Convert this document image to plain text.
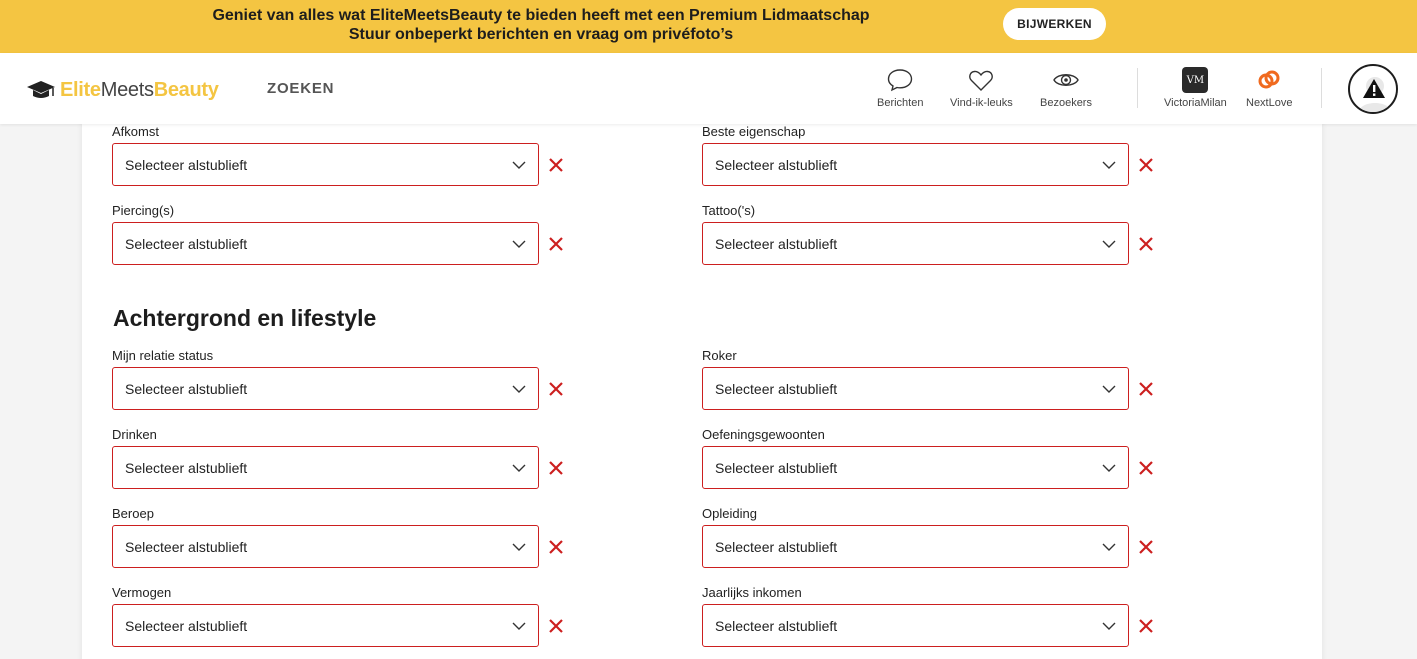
Geniet van alles wat EliteMeetsBeauty te bieden heeft met een Premium Lidmaatschap
Stuur onbeperkt berichten en vraag om privéfoto’s
BIJWERKEN
EliteMeetsBeauty	ZOEKEN
Berichten Vind-ik-leuks Bezoekers
VM
VictoriaMilan NextLove
Achtergrond en lifestyle
Afkomst
Selecteer alstublieft
Beste eigenschap
Selecteer alstublieft
Piercing(s)
Selecteer alstublieft
Tattoo('s)
Selecteer alstublieft
Mijn relatie status
Selecteer alstublieft
Roker
Selecteer alstublieft
Drinken
Selecteer alstublieft
Oefeningsgewoonten
Selecteer alstublieft
Beroep
Selecteer alstublieft
Opleiding
Selecteer alstublieft
Vermogen
Selecteer alstublieft
Jaarlijks inkomen
Selecteer alstublieft
